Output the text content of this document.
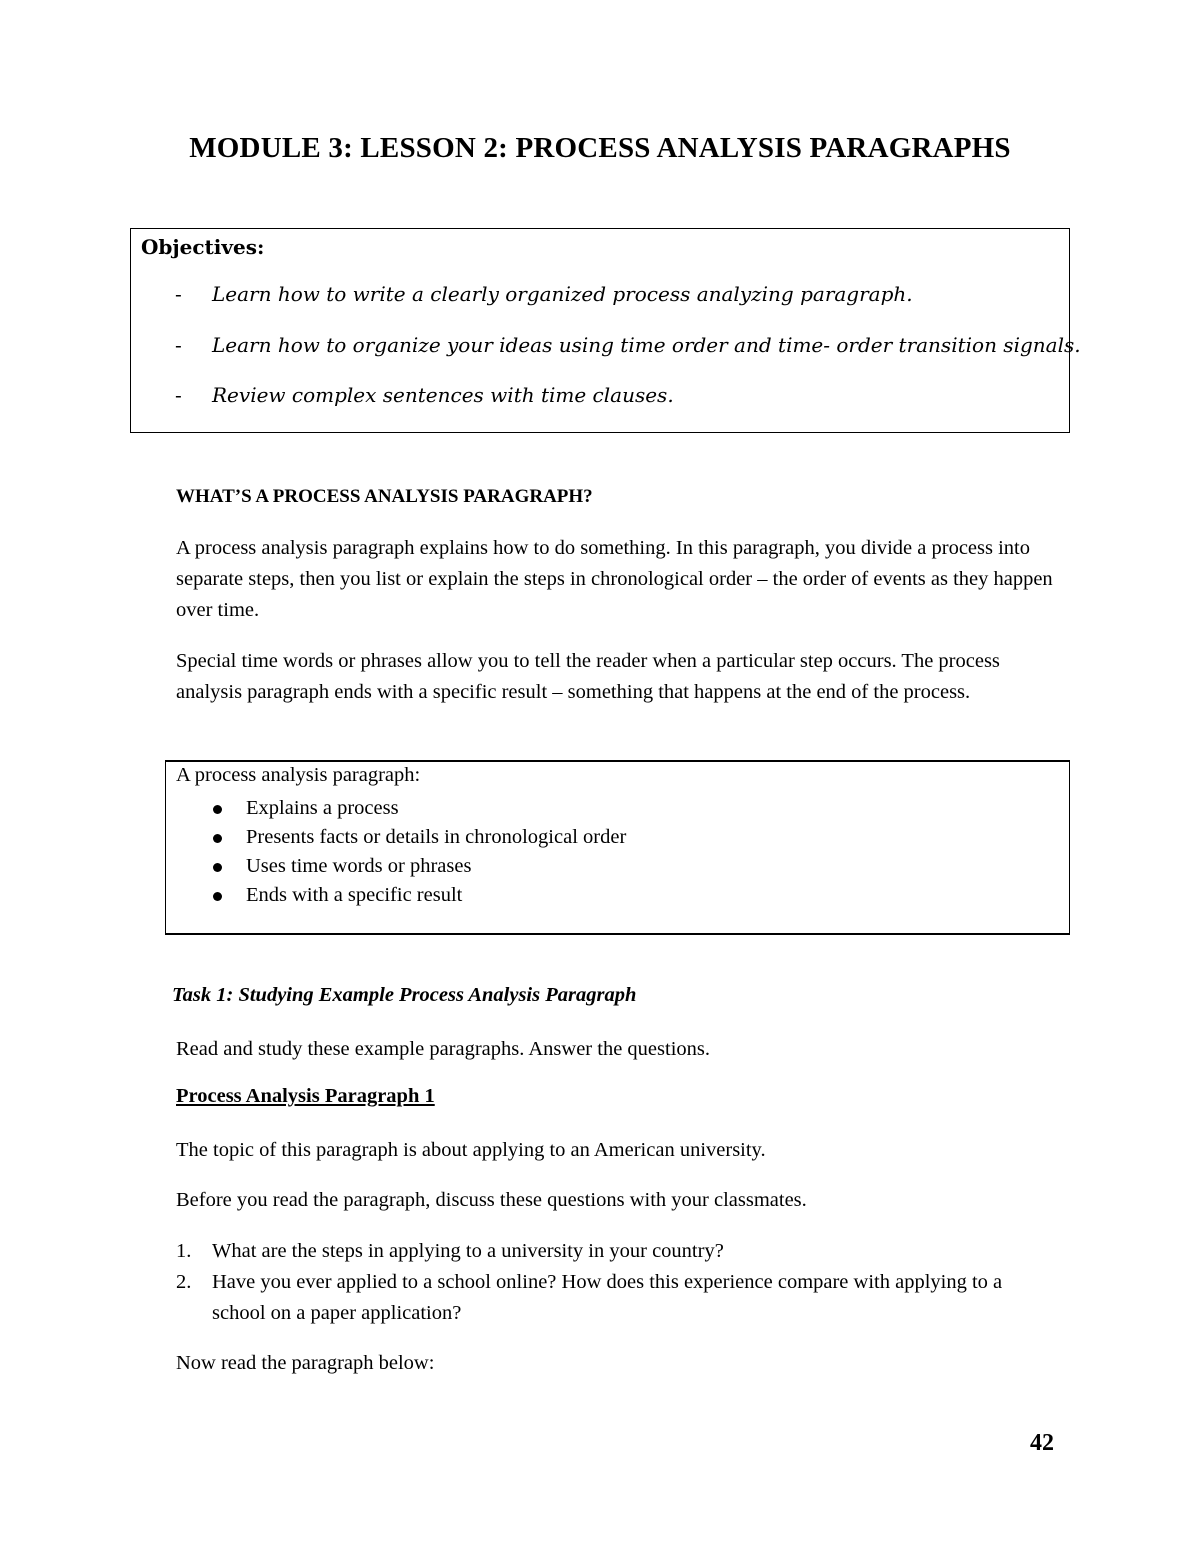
MODULE 3: LESSON 2: PROCESS ANALYSIS PARAGRAPHS
Objectives:
- Learn how to write a clearly organized process analyzing paragraph.
- Learn how to organize your ideas using time order and time- order transition signals.
- Review complex sentences with time clauses.
WHAT’S A PROCESS ANALYSIS PARAGRAPH?

A process analysis paragraph explains how to do something. In this paragraph, you divide a process into separate steps, then you list or explain the steps in chronological order – the order of events as they happen over time.

Special time words or phrases allow you to tell the reader when a particular step occurs. The process analysis paragraph ends with a specific result – something that happens at the end of the process.

A process analysis paragraph:
Explains a process
Presents facts or details in chronological order
Uses time words or phrases
Ends with a specific result
Task 1: Studying Example Process Analysis Paragraph

Read and study these example paragraphs. Answer the questions.

Process Analysis Paragraph 1

The topic of this paragraph is about applying to an American university.

Before you read the paragraph, discuss these questions with your classmates.

1. What are the steps in applying to a university in your country?
2. Have you ever applied to a school online? How does this experience compare with applying to a school on a paper application?

Now read the paragraph below:

42
